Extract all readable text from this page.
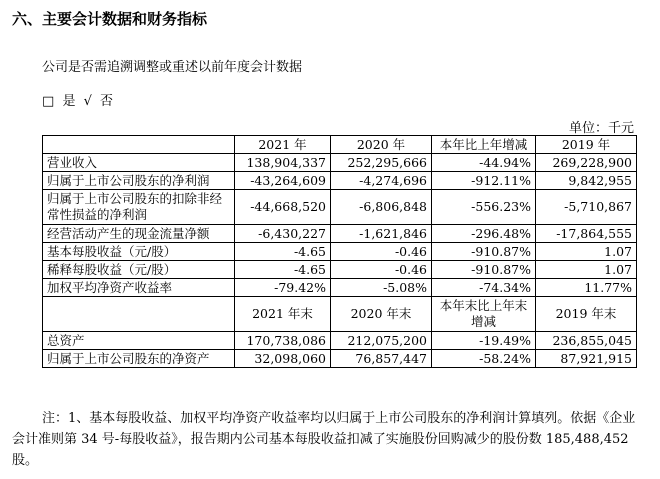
六、主要会计数据和财务指标
公司是否需追溯调整或重述以前年度会计数据
□ 是 √ 否
单位：千元
	2021 年	2020 年	本年比上年增减	2019 年
营业收入	138,904,337	252,295,666	-44.94%	269,228,900
归属于上市公司股东的净利润	-43,264,609	-4,274,696	-912.11%	9,842,955
归属于上市公司股东的扣除非经常性损益的净利润	-44,668,520	-6,806,848	-556.23%	-5,710,867
经营活动产生的现金流量净额	-6,430,227	-1,621,846	-296.48%	-17,864,555
基本每股收益（元/股）	-4.65	-0.46	-910.87%	1.07
稀释每股收益（元/股）	-4.65	-0.46	-910.87%	1.07
加权平均净资产收益率	-79.42%	-5.08%	-74.34%	11.77%
	2021 年末	2020 年末	本年末比上年末增减	2019 年末
总资产	170,738,086	212,075,200	-19.49%	236,855,045
归属于上市公司股东的净资产	32,098,060	76,857,447	-58.24%	87,921,915
注：1、基本每股收益、加权平均净资产收益率均以归属于上市公司股东的净利润计算填列。依据《企业会计准则第 34 号-每股收益》，报告期内公司基本每股收益扣减了实施股份回购减少的股份数 185,488,452 股。
